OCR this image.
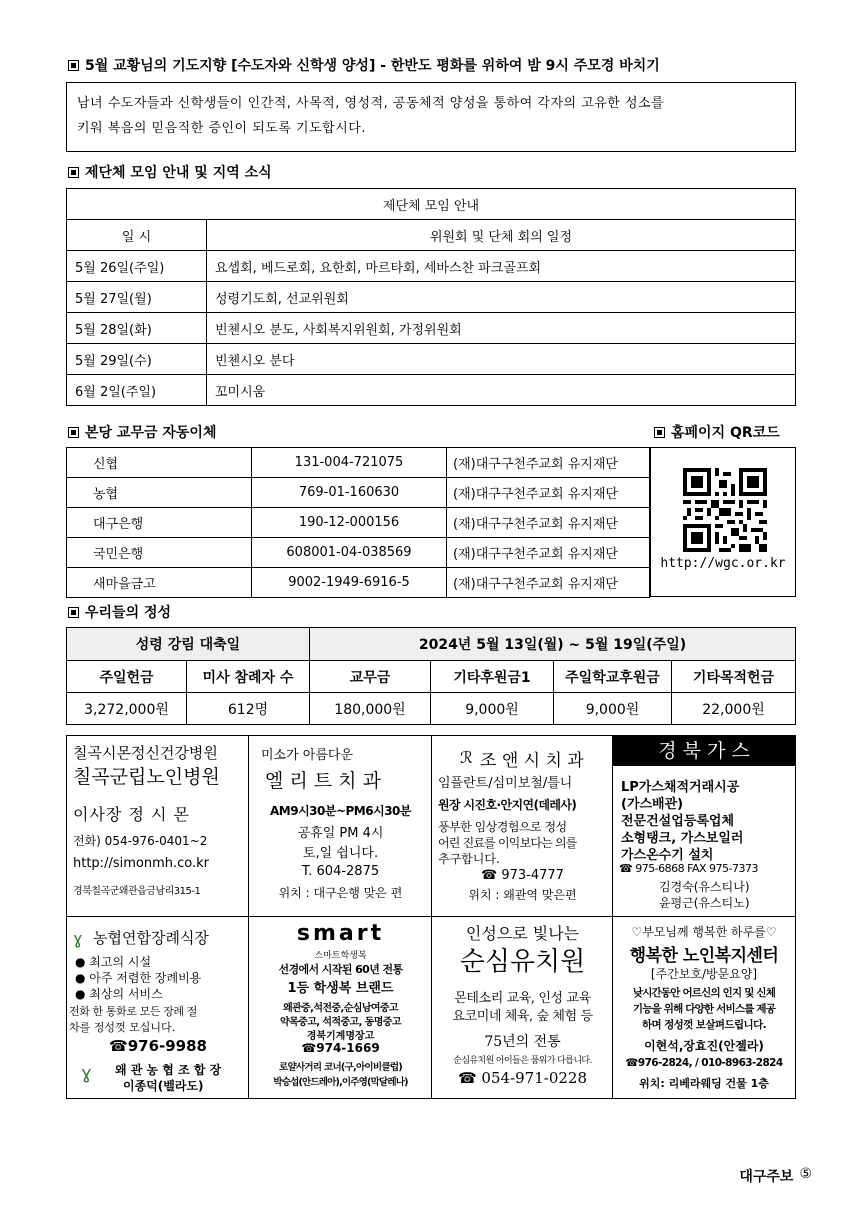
5월 교황님의 기도지향 [수도자와 신학생 양성] - 한반도 평화를 위하여 밤 9시 주모경 바치기
남녀 수도자들과 신학생들이 인간적, 사목적, 영성적, 공동체적 양성을 통하여 각자의 고유한 성소를
키워 복음의 믿음직한 증인이 되도록 기도합시다.
제단체 모임 안내 및 지역 소식
제단체 모임 안내	
일 시	위원회 및 단체 회의 일정
5월 26일(주일)	요셉회, 베드로회, 요한회, 마르타회, 세바스찬 파크골프회
5월 27일(월)	성령기도회, 선교위원회
5월 28일(화)	빈첸시오 분도, 사회복지위원회, 가정위원회
5월 29일(수)	빈첸시오 분다
6월 2일(주일)	꼬미시움
본당 교무금 자동이체	홈페이지 QR코드
신협	131-004-721075	(재)대구구천주교회 유지재단
농협	769-01-160630	(재)대구구천주교회 유지재단
대구은행	190-12-000156	(재)대구구천주교회 유지재단
국민은행	608001-04-038569	(재)대구구천주교회 유지재단
새마을금고	9002-1949-6916-5	(재)대구구천주교회 유지재단
http://wgc.or.kr
우리들의 정성
성령 강림 대축일		2024년 5월 13일(월) ~ 5월 19일(주일)			
주일헌금	미사 참례자 수	교무금	기타후원금1	주일학교후원금	기타목적헌금
3,272,000원	612명	180,000원	9,000원	9,000원	22,000원
칠곡시몬정신건강병원
칠곡군립노인병원
이사장 정 시 몬
전화) 054-976-0401~2
http://simonmh.co.kr
경북칠곡군왜관읍금남리315-1
미소가 아름다운
엘 리 트 치 과
AM9시30분~PM6시30분
공휴일 PM 4시
토,일 쉽니다.
T. 604-2875
위치 : 대구은행 맞은 편
ℛ 조 앤 시 치 과
임플란트/심미보철/틀니
원장 시진호·안지연(데레사)
풍부한 임상경험으로 정성
어린 진료를 이익보다는 의를
추구합니다.
☎ 973-4777
위치 : 왜관역 맞은편
경 북 가 스
LP가스채적거래시공
(가스배관)
전문건설업등록업체
소형탱크, 가스보일러
가스온수기 설치
☎ 975-6868 FAX 975-7373
김경숙(유스티나)
윤평근(유스티노)
ɣ 농협연합장례식장
● 최고의 시설
● 아주 저렴한 장례비용
● 최상의 서비스
전화 한 통화로 모든 장례 절
차를 정성껏 모십니다.
☎976-9988
ɣ 왜 관 농 협 조 합 장
이종덕(벨라도)
smart
스마트학생복
선경에서 시작된 60년 전통
1등 학생복 브랜드
왜관중,석전중,순심남여중고
약목중고, 석적중고, 동명중고
경북기계명장고
☎974-1669
로얄사거리 코너(구,아이비클럽)
박승섭(안드레아),이주영(막달레나)
인성으로 빛나는
순심유치원
몬테소리 교육, 인성 교육
요코미네 체육, 숲 체험 등
75년의 전통
순심유치원 아이들은 품위가 다릅니다.
☎ 054-971-0228
♡부모님께 행복한 하루를♡
행복한 노인복지센터
[주간보호/방문요양]
낮시간동안 어르신의 인지 및 신체
기능을 위해 다양한 서비스를 제공
하며 정성껏 보살펴드립니다.
이현석,장효진(안젤라)
☎976-2824, / 010-8963-2824
위치: 리베라웨딩 건물 1층
대구주보 ⑤
